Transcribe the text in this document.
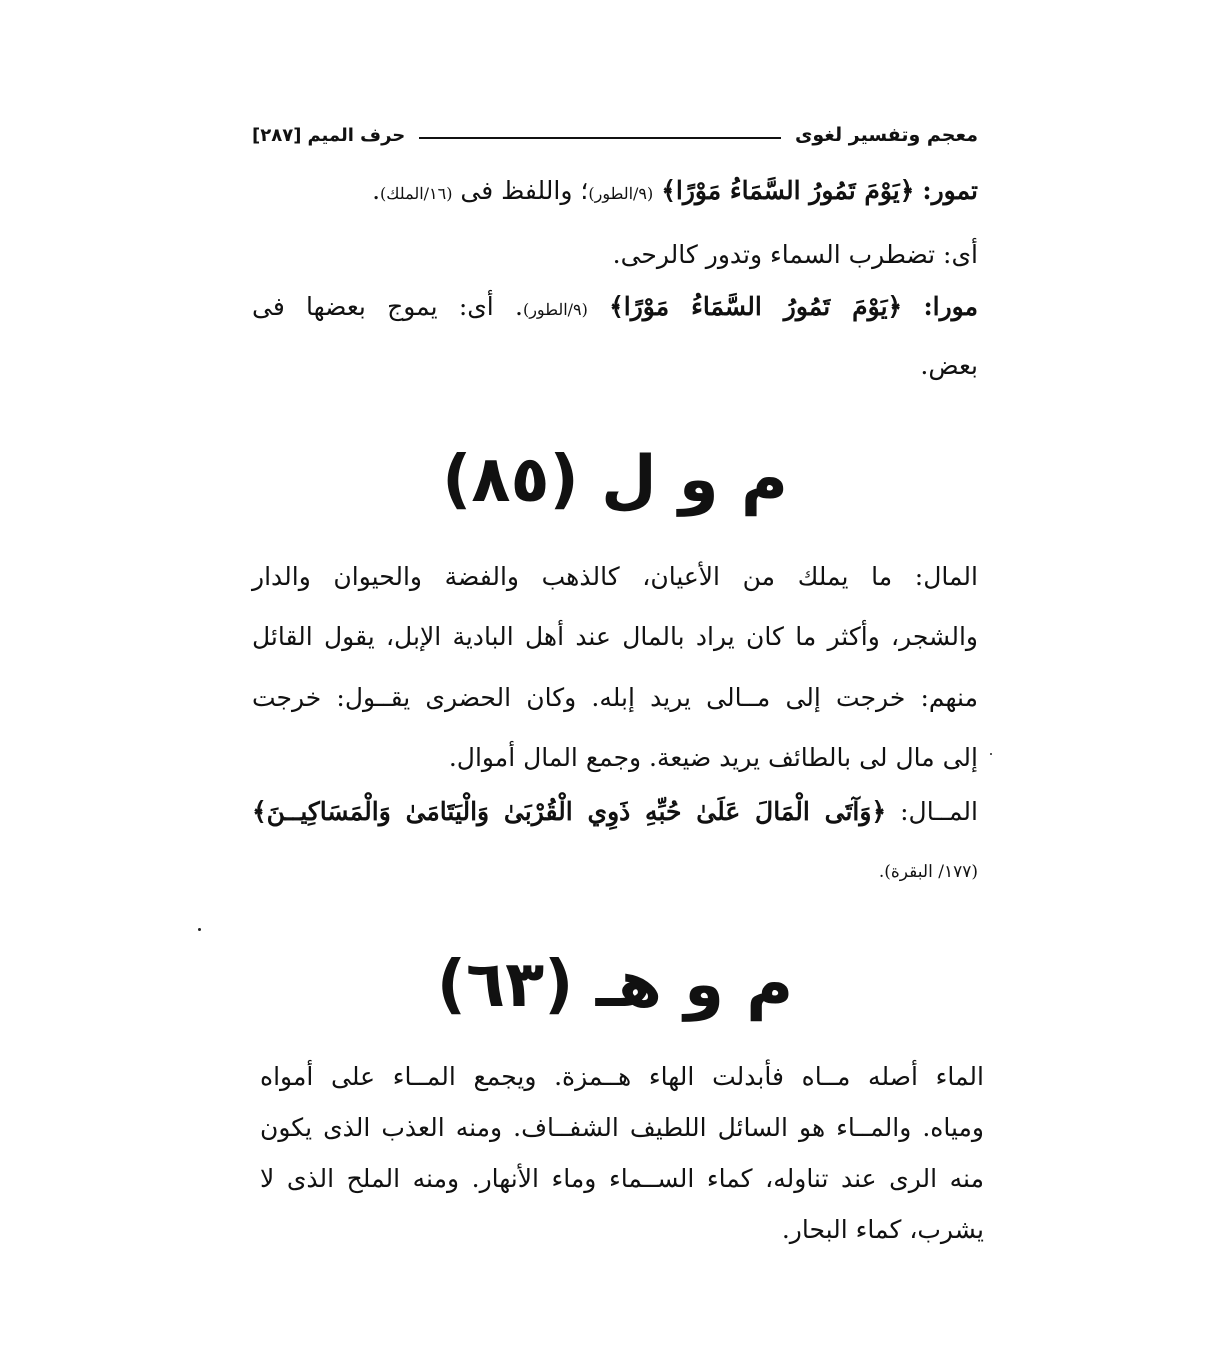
معجم وتفسير لغوى
حرف الميم[٢٨٧]
تمور: ﴿يَوْمَ تَمُورُ السَّمَاءُ مَوْرًا﴾ (٩/الطور)؛ واللفظ فى (١٦/الملك).
أى: تضطرب السماء وتدور كالرحى.
مورا: ﴿يَوْمَ تَمُورُ السَّمَاءُ مَوْرًا﴾ (٩/الطور). أى: يموج بعضها فى
بعض.
م و ل (٨٥)
المال: ما يملك من الأعيان، كالذهب والفضة والحيوان والدار
والشجر، وأكثر ما كان يراد بالمال عند أهل البادية الإبل، يقول القائل
منهم: خرجت إلى مــالى يريد إبله. وكان الحضرى يقــول: خرجت
إلى مال لى بالطائف يريد ضيعة. وجمع المال أموال.
المــال: ﴿وَآتَى الْمَالَ عَلَىٰ حُبِّهِ ذَوِي الْقُرْبَىٰ وَالْيَتَامَىٰ وَالْمَسَاكِيــنَ﴾
(١٧٧/ البقرة).
م و هـ (٦٣)
الماء أصله مــاه فأبدلت الهاء هــمزة. ويجمع المــاء على أمواه
ومياه. والمــاء هو السائل اللطيف الشفــاف. ومنه العذب الذى يكون
منه الرى عند تناوله، كماء الســماء وماء الأنهار. ومنه الملح الذى لا
يشرب، كماء البحار.
